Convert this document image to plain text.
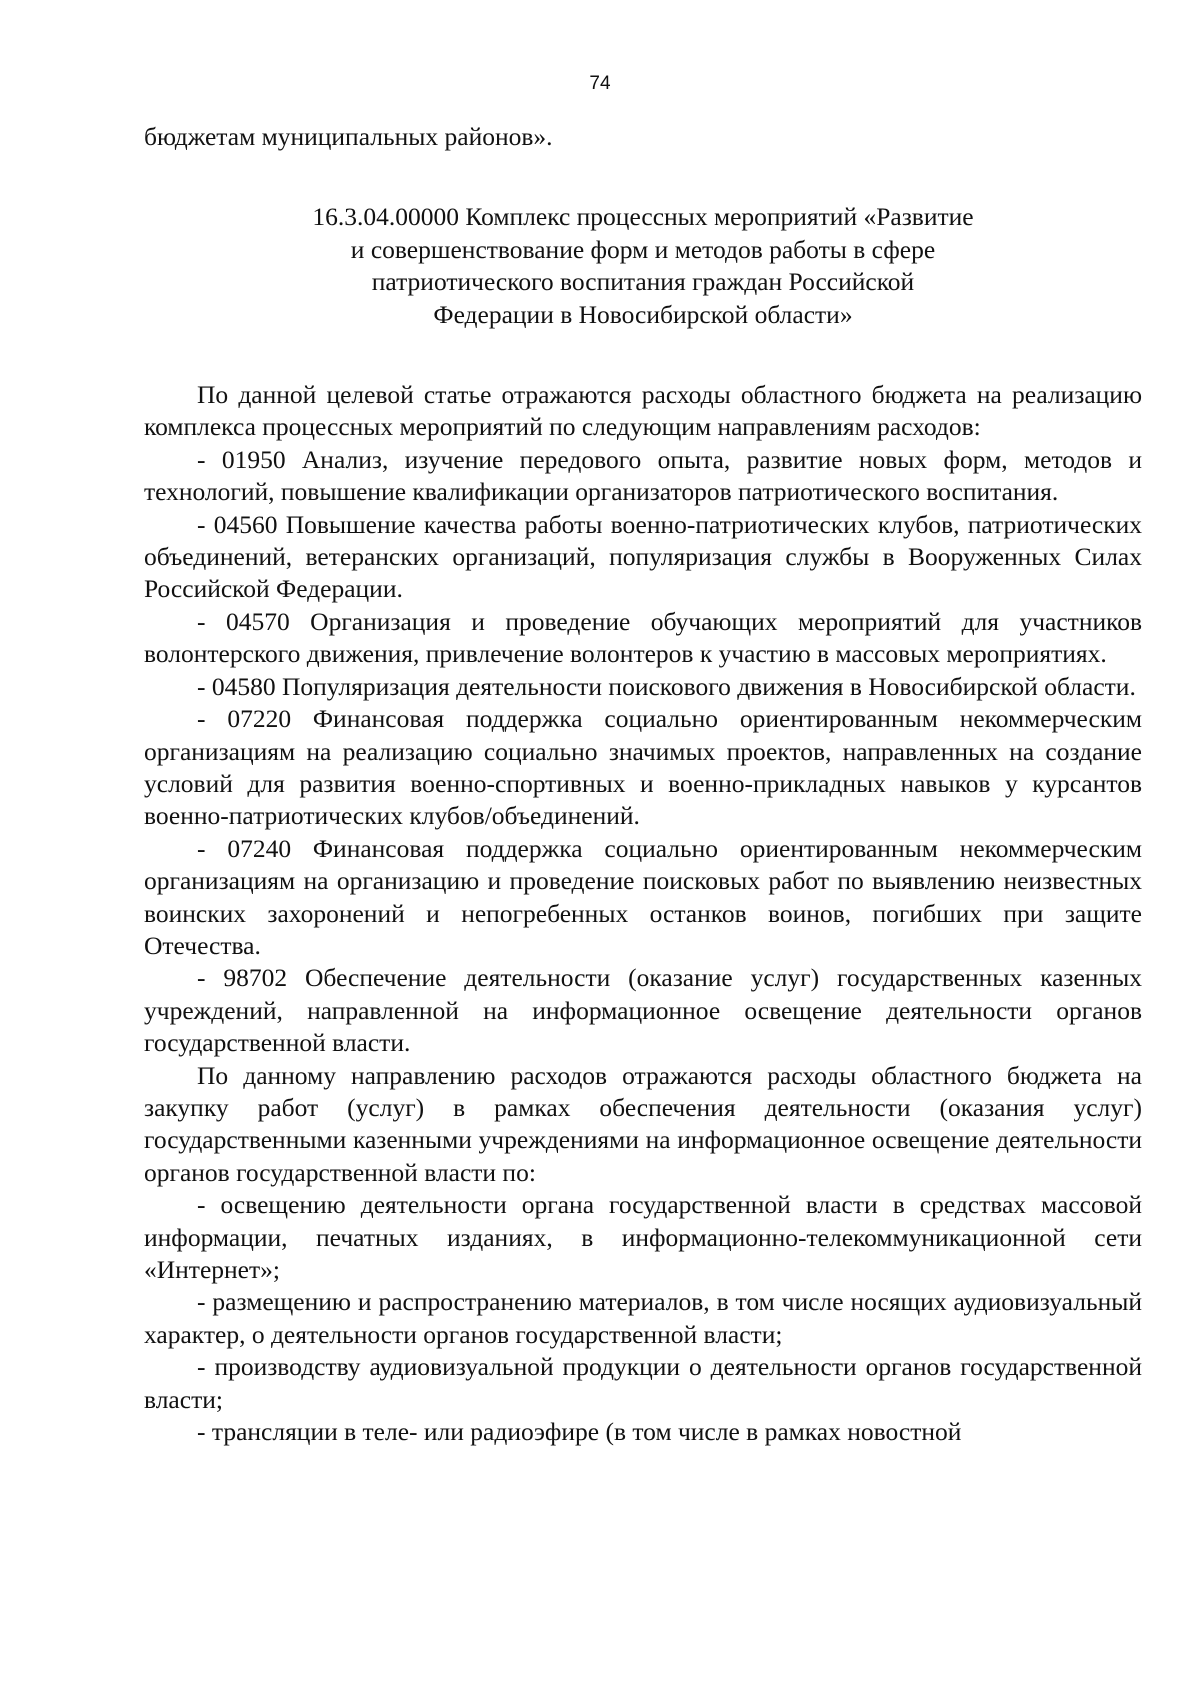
74

бюджетам муниципальных районов».

16.3.04.00000 Комплекс процессных мероприятий «Развитие
и совершенствование форм и методов работы в сфере
патриотического воспитания граждан Российской
Федерации в Новосибирской области»

По данной целевой статье отражаются расходы областного бюджета на реализацию комплекса процессных мероприятий по следующим направлениям расходов:

- 01950 Анализ, изучение передового опыта, развитие новых форм, методов и технологий, повышение квалификации организаторов патриотического воспитания.

- 04560 Повышение качества работы военно-патриотических клубов, патриотических объединений, ветеранских организаций, популяризация службы в Вооруженных Силах Российской Федерации.

- 04570 Организация и проведение обучающих мероприятий для участников волонтерского движения, привлечение волонтеров к участию в массовых мероприятиях.

- 04580 Популяризация деятельности поискового движения в Новосибирской области.

- 07220 Финансовая поддержка социально ориентированным некоммерческим организациям на реализацию социально значимых проектов, направленных на создание условий для развития военно-спортивных и военно-прикладных навыков у курсантов военно-патриотических клубов/объединений.

- 07240 Финансовая поддержка социально ориентированным некоммерческим организациям на организацию и проведение поисковых работ по выявлению неизвестных воинских захоронений и непогребенных останков воинов, погибших при защите Отечества.

- 98702 Обеспечение деятельности (оказание услуг) государственных казенных учреждений, направленной на информационное освещение деятельности органов государственной власти.

По данному направлению расходов отражаются расходы областного бюджета на закупку работ (услуг) в рамках обеспечения деятельности (оказания услуг) государственными казенными учреждениями на информационное освещение деятельности органов государственной власти по:

- освещению деятельности органа государственной власти в средствах массовой информации, печатных изданиях, в информационно-телекоммуникационной сети «Интернет»;

- размещению и распространению материалов, в том числе носящих аудиовизуальный характер, о деятельности органов государственной власти;

- производству аудиовизуальной продукции о деятельности органов государственной власти;

- трансляции в теле- или радиоэфире (в том числе в рамках новостной
